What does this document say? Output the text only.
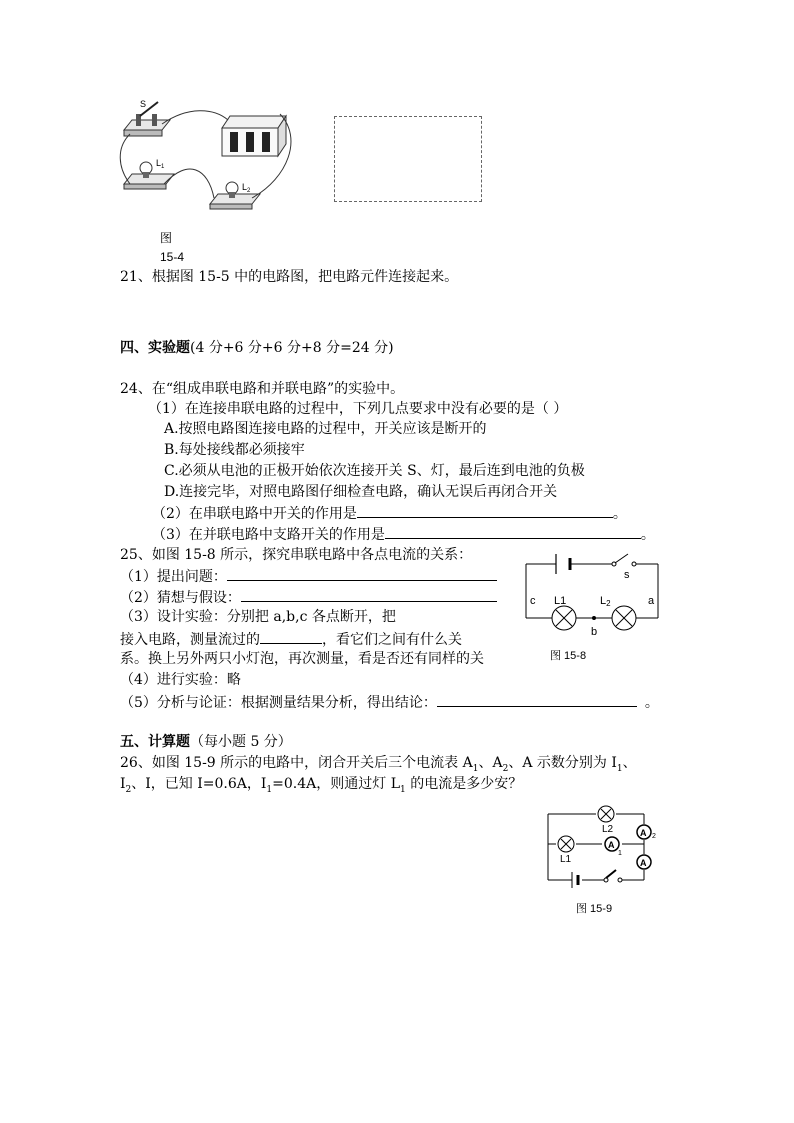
S
$L_1$
$L_2$
图
15-4
21、根据图 15-5 中的电路图，把电路元件连接起来。
四、实验题(4 分+6 分+6 分+8 分=24 分)
24、在“组成串联电路和并联电路”的实验中。
（1）在连接串联电路的过程中，下列几点要求中没有必要的是（ ）
A.按照电路图连接电路的过程中，开关应该是断开的
B.每处接线都必须接牢
C.必须从电池的正极开始依次连接开关 S、灯，最后连到电池的负极
D.连接完毕，对照电路图仔细检查电路，确认无误后再闭合开关
（2）在串联电路中开关的作用是	。
（3）在并联电路中支路开关的作用是	。
25、如图 15-8 所示，探究串联电路中各点电流的关系：
（1）提出问题：
（2）猜想与假设：
（3）设计实验：分别把 a,b,c 各点断开，把
接入电路，测量流过的	，看它们之间有什么关
系。换上另外两只小灯泡，再次测量，看是否还有同样的关
（4）进行实验：略
（5）分析与论证：根据测量结果分析，得出结论：	。
s
a
b
c L1	L2
图 15-8
五、计算题（每小题 5 分）
26、如图 15-9 所示的电路中，闭合开关后三个电流表 $A_1$、$A_2$、A 示数分别为 $I_1$、
$I_2$、I，已知 I=0.6A，$I_1=0.4A$，则通过灯 $L_1$ 的电流是多少安？
A 2
A
1
A
L2
L1
图 15-9
